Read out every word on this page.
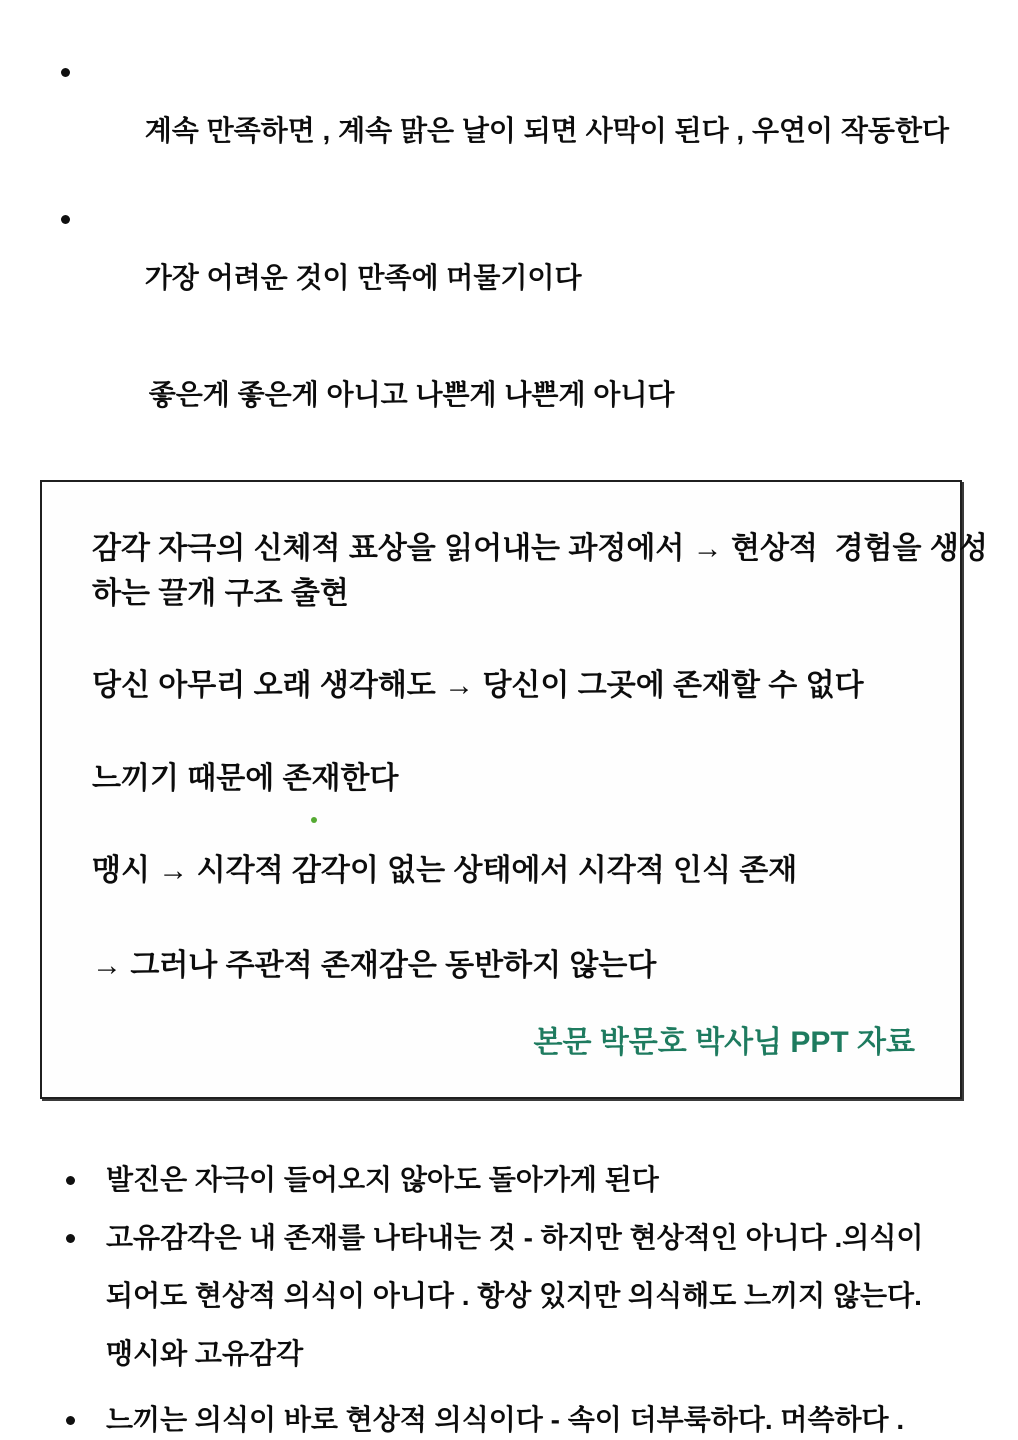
계속 만족하면 , 계속 맑은 날이 되면 사막이 된다 , 우연이 작동한다

가장 어려운 것이 만족에 머물기이다

좋은게 좋은게 아니고 나쁜게 나쁜게 아니다

감각 자극의 신체적 표상을 읽어내는 과정에서 → 현상적  경험을 생성
하는 끌개 구조 출현
당신 아무리 오래 생각해도 → 당신이 그곳에 존재할 수 없다
느끼기 때문에 존재한다
맹시 → 시각적 감각이 없는 상태에서 시각적 인식 존재
→ 그러나 주관적 존재감은 동반하지 않는다
본문 박문호 박사님 PPT 자료
발진은 자극이 들어오지 않아도 돌아가게 된다
고유감각은 내 존재를 나타내는 것 - 하지만 현상적인 아니다 .의식이
되어도 현상적 의식이 아니다 . 항상 있지만 의식해도 느끼지 않는다.
맹시와 고유감각
느끼는 의식이 바로 현상적 의식이다 - 속이 더부룩하다. 머쓱하다 .
